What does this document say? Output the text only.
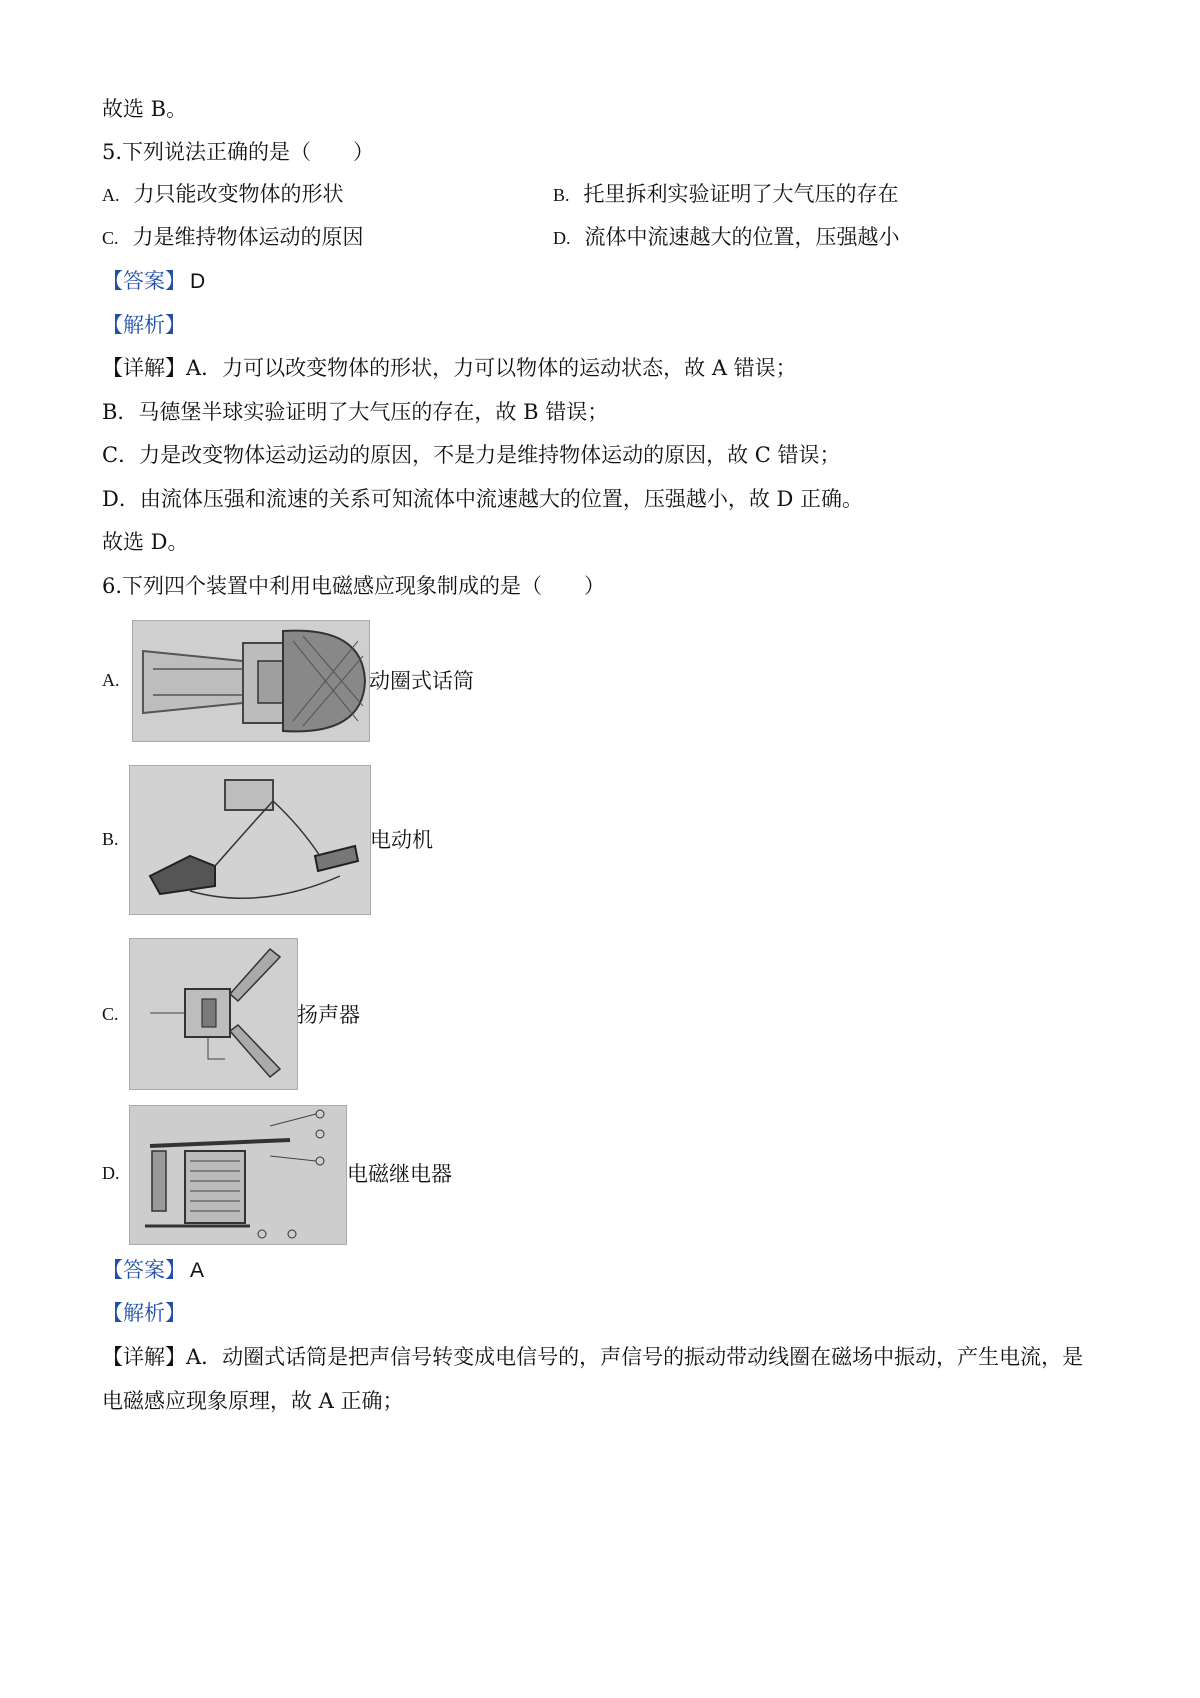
故选 B。
5.下列说法正确的是（　　）
A. 力只能改变物体的形状	B. 托里拆利实验证明了大气压的存在
C. 力是维持物体运动的原因	D. 流体中流速越大的位置，压强越小
【答案】 D
【解析】
【详解】A．力可以改变物体的形状，力可以物体的运动状态，故 A 错误；
B．马德堡半球实验证明了大气压的存在，故 B 错误；
C．力是改变物体运动运动的原因，不是力是维持物体运动的原因，故 C 错误；
D．由流体压强和流速的关系可知流体中流速越大的位置，压强越小，故 D 正确。
故选 D。
6.下列四个装置中利用电磁感应现象制成的是（　　）
A.	动圈式话筒
B.	电动机
C.	扬声器
D.	电磁继电器
【答案】 A
【解析】
【详解】A．动圈式话筒是把声信号转变成电信号的，声信号的振动带动线圈在磁场中振动，产生电流，是
电磁感应现象原理，故 A 正确；
